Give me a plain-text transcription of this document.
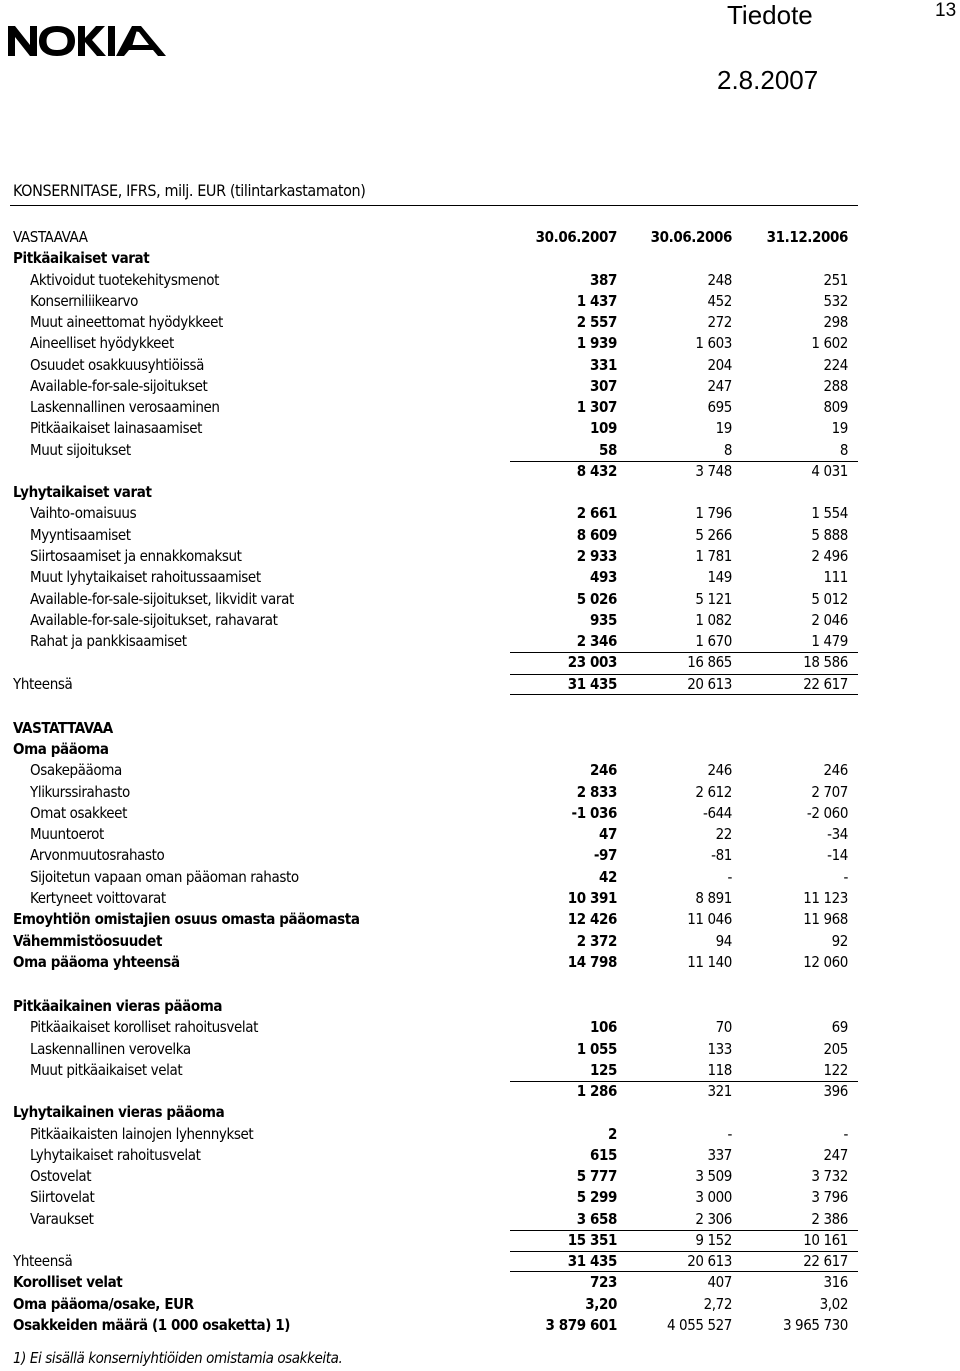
Tiedote	13
2.8.2007
KONSERNITASE, IFRS, milj. EUR (tilintarkastamaton)
VASTAAVAA	30.06.2007 30.06.2006 31.12.2006
Pitkäaikaiset varat
Aktivoidut tuotekehitysmenot	387	248	251
Konserniliikearvo	1 437	452	532
Muut aineettomat hyödykkeet	2 557	272	298
Aineelliset hyödykkeet	1 939	1 603	1 602
Osuudet osakkuusyhtiöissä	331	204	224
Available-for-sale-sijoitukset	307	247	288
Laskennallinen verosaaminen	1 307	695	809
Pitkäaikaiset lainasaamiset	109	19	19
Muut sijoitukset	58	8	8
8 432	3 748	4 031
Lyhytaikaiset varat
Vaihto-omaisuus	2 661	1 796	1 554
Myyntisaamiset	8 609	5 266	5 888
Siirtosaamiset ja ennakkomaksut	2 933	1 781	2 496
Muut lyhytaikaiset rahoitussaamiset	493	149	111
Available-for-sale-sijoitukset, likvidit varat	5 026	5 121	5 012
Available-for-sale-sijoitukset, rahavarat	935	1 082	2 046
Rahat ja pankkisaamiset	2 346	1 670	1 479
23 003	16 865	18 586
Yhteensä	31 435	20 613	22 617
VASTATTAVAA
Oma pääoma
Osakepääoma	246	246	246
Ylikurssirahasto	2 833	2 612	2 707
Omat osakkeet	-1 036	-644	-2 060
Muuntoerot	47	22	-34
Arvonmuutosrahasto	-97	-81	-14
Sijoitetun vapaan oman pääoman rahasto	42	-	-
Kertyneet voittovarat	10 391	8 891	11 123
Emoyhtiön omistajien osuus omasta pääomasta	12 426	11 046	11 968
Vähemmistöosuudet	2 372	94	92
Oma pääoma yhteensä	14 798	11 140	12 060
Pitkäaikainen vieras pääoma
Pitkäaikaiset korolliset rahoitusvelat	106	70	69
Laskennallinen verovelka	1 055	133	205
Muut pitkäaikaiset velat	125	118	122
1 286	321	396
Lyhytaikainen vieras pääoma
Pitkäaikaisten lainojen lyhennykset	2	-	-
Lyhytaikaiset rahoitusvelat	615	337	247
Ostovelat	5 777	3 509	3 732
Siirtovelat	5 299	3 000	3 796
Varaukset	3 658	2 306	2 386
15 351	9 152	10 161
Yhteensä	31 435	20 613	22 617
Korolliset velat	723	407	316
Oma pääoma/osake, EUR	3,20	2,72	3,02
Osakkeiden määrä (1 000 osaketta) 1)	3 879 601	4 055 527	3 965 730
1) Ei sisällä konserniyhtiöiden omistamia osakkeita.
